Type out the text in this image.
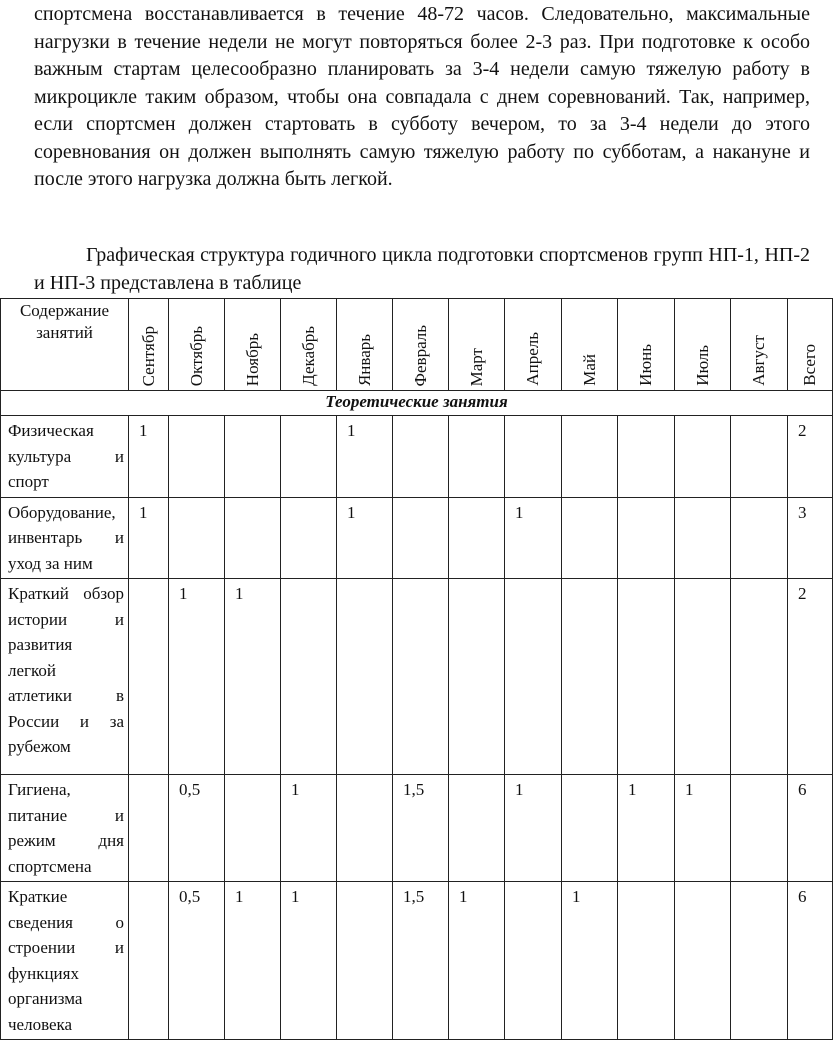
спортсмена восстанавливается в течение 48-72 часов. Следовательно, максимальные нагрузки в течение недели не могут повторяться более 2-3 раз. При подготовке к особо важным стартам целесообразно планировать за 3-4 недели самую тяжелую работу в микроцикле таким образом, чтобы она совпадала с днем соревнований. Так, например, если спортсмен должен стартовать в субботу вечером, то за 3-4 недели до этого соревнования он должен выполнять самую тяжелую работу по субботам, а накануне и после этого нагрузка должна быть легкой.

Графическая структура годичного цикла подготовки спортсменов групп НП-1, НП-2 и НП-3 представлена в таблице

Содержание занятий	Сентябр	Октябрь	Ноябрь	Декабрь	Январь	Февраль	Март	Апрель	Май	Июнь	Июль	Август	Всего

Теоретические занятия													
Физическая культура и спорт	1				1								2
Оборудование, инвентарь и уход за ним	1				1			1					3
Краткий обзор истории и развития легкой атлетики в России и за рубежом		1	1										2
Гигиена, питание и режим дня спортсмена		0,5		1		1,5		1		1	1		6
Краткие сведения о строении и функциях организма человека		0,5	1	1		1,5	1		1				6
